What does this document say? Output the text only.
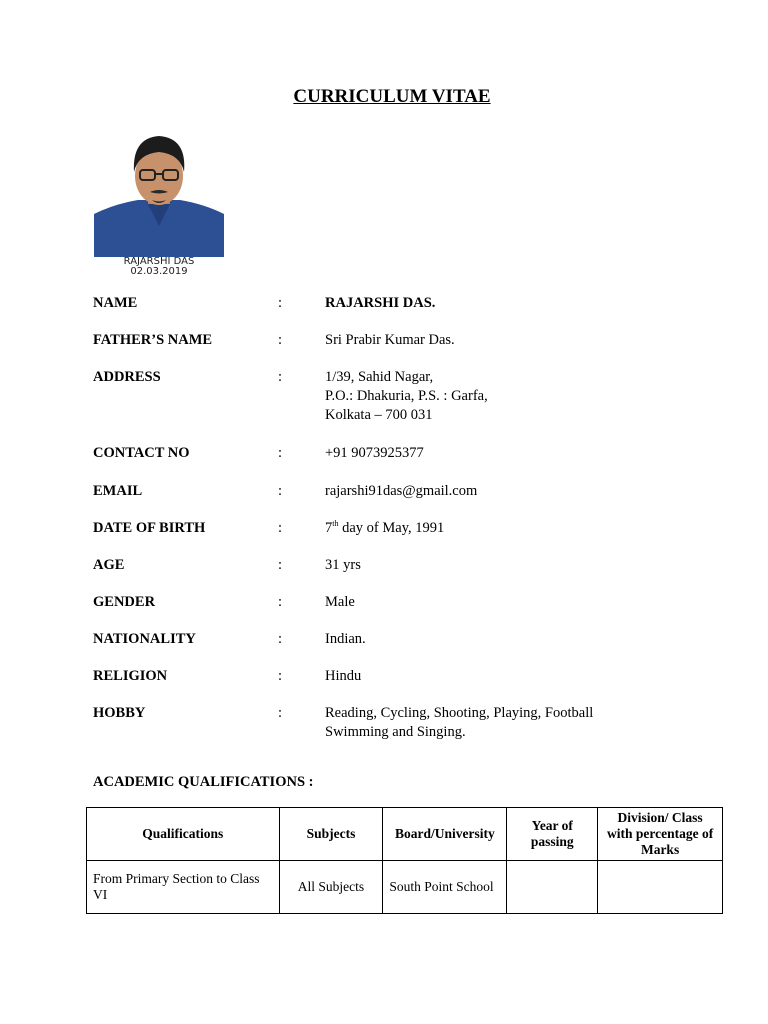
CURRICULUM VITAE
RAJARSHI DAS
02.03.2019
NAME	:	RAJARSHI DAS.
FATHER’S NAME	:	Sri Prabir Kumar Das.
ADDRESS	:	1/39, Sahid Nagar,
P.O.: Dhakuria, P.S. : Garfa,
Kolkata – 700 031
CONTACT NO	:	+91 9073925377
EMAIL	:	rajarshi91das@gmail.com
DATE OF BIRTH	:	7th day of May, 1991
AGE	:	31 yrs
GENDER	:	Male
NATIONALITY	:	Indian.
RELIGION	:	Hindu
HOBBY	:	Reading, Cycling, Shooting, Playing, Football
Swimming and Singing.
ACADEMIC QUALIFICATIONS :
Qualifications	Subjects	Board/University	Year of passing	Division/ Class with percentage of Marks
From Primary Section to Class VI	All Subjects	South Point School		
